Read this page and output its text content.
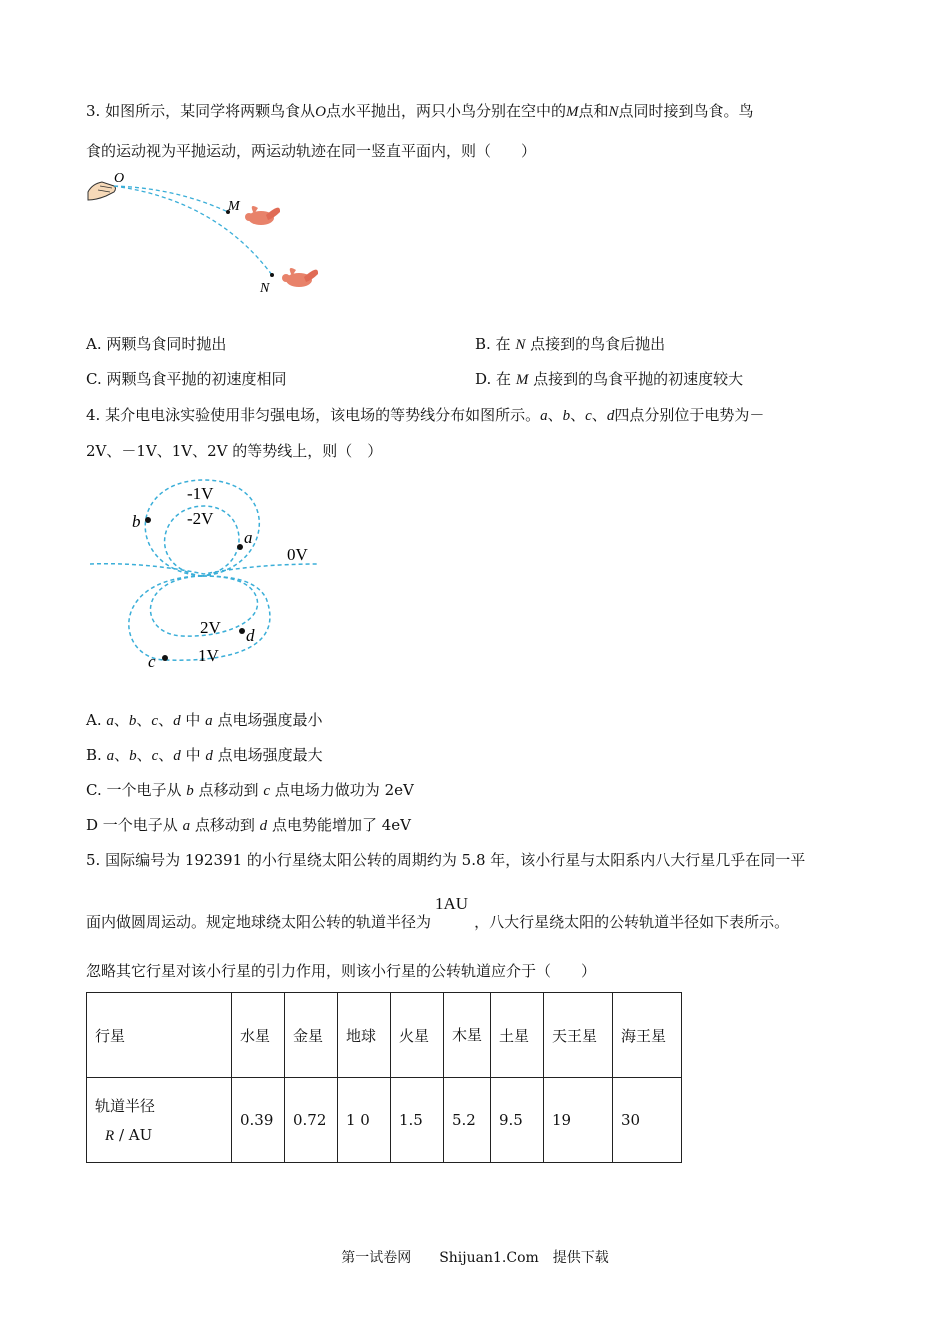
3. 如图所示，某同学将两颗鸟食从O点水平抛出，两只小鸟分别在空中的M点和N点同时接到鸟食。鸟
食的运动视为平抛运动，两运动轨迹在同一竖直平面内，则（　　）
O
M
N
A. 两颗鸟食同时抛出	B. 在 N 点接到的鸟食后抛出
C. 两颗鸟食平抛的初速度相同	D. 在 M 点接到的鸟食平抛的初速度较大
4. 某介电电泳实验使用非匀强电场，该电场的等势线分布如图所示。a、b、c、d四点分别位于电势为－
2V、－1V、1V、2V 的等势线上，则（　）
-1V
-2V
0V
2V
1V
a
b
c
d
A. a、b、c、d 中 a 点电场强度最小
B. a、b、c、d 中 d 点电场强度最大
C. 一个电子从 b 点移动到 c 点电场力做功为 2eV
D 一个电子从 a 点移动到 d 点电势能增加了 4eV
5. 国际编号为 192391 的小行星绕太阳公转的周期约为 5.8 年，该小行星与太阳系内八大行星几乎在同一平
面内做圆周运动。规定地球绕太阳公转的轨道半径为1AU，八大行星绕太阳的公转轨道半径如下表所示。
忽略其它行星对该小行星的引力作用，则该小行星的公转轨道应介于（　　）
行星	水星	金星	地球	火星	木星	土星	天王星	海王星

轨道半径
R / AU	0.39	0.72	1 0	1.5	5.2	9.5	19	30
第一试卷网　　Shijuan1.Com　提供下载
